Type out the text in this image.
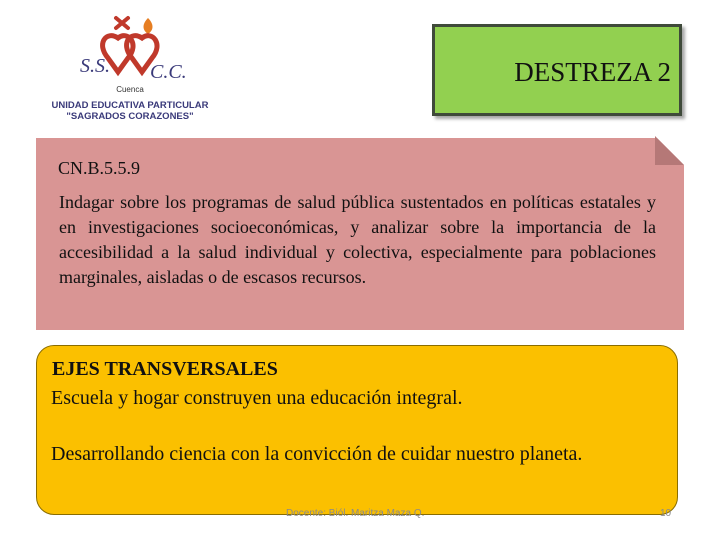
S.S. C.C.
Cuenca
UNIDAD EDUCATIVA PARTICULAR
"SAGRADOS CORAZONES"
DESTREZA 2
CN.B.5.5.9
Indagar sobre los programas de salud pública sustentados en políticas estatales y en investigaciones socioeconómicas, y analizar sobre la importancia de la accesibilidad a la salud individual y colectiva, especialmente para poblaciones marginales, aisladas o de escasos recursos.
EJES TRANSVERSALES
Escuela y hogar construyen una educación integral.
Desarrollando ciencia con la convicción de cuidar nuestro planeta.
Docente: Biól. Maritza Maza Q.	10
